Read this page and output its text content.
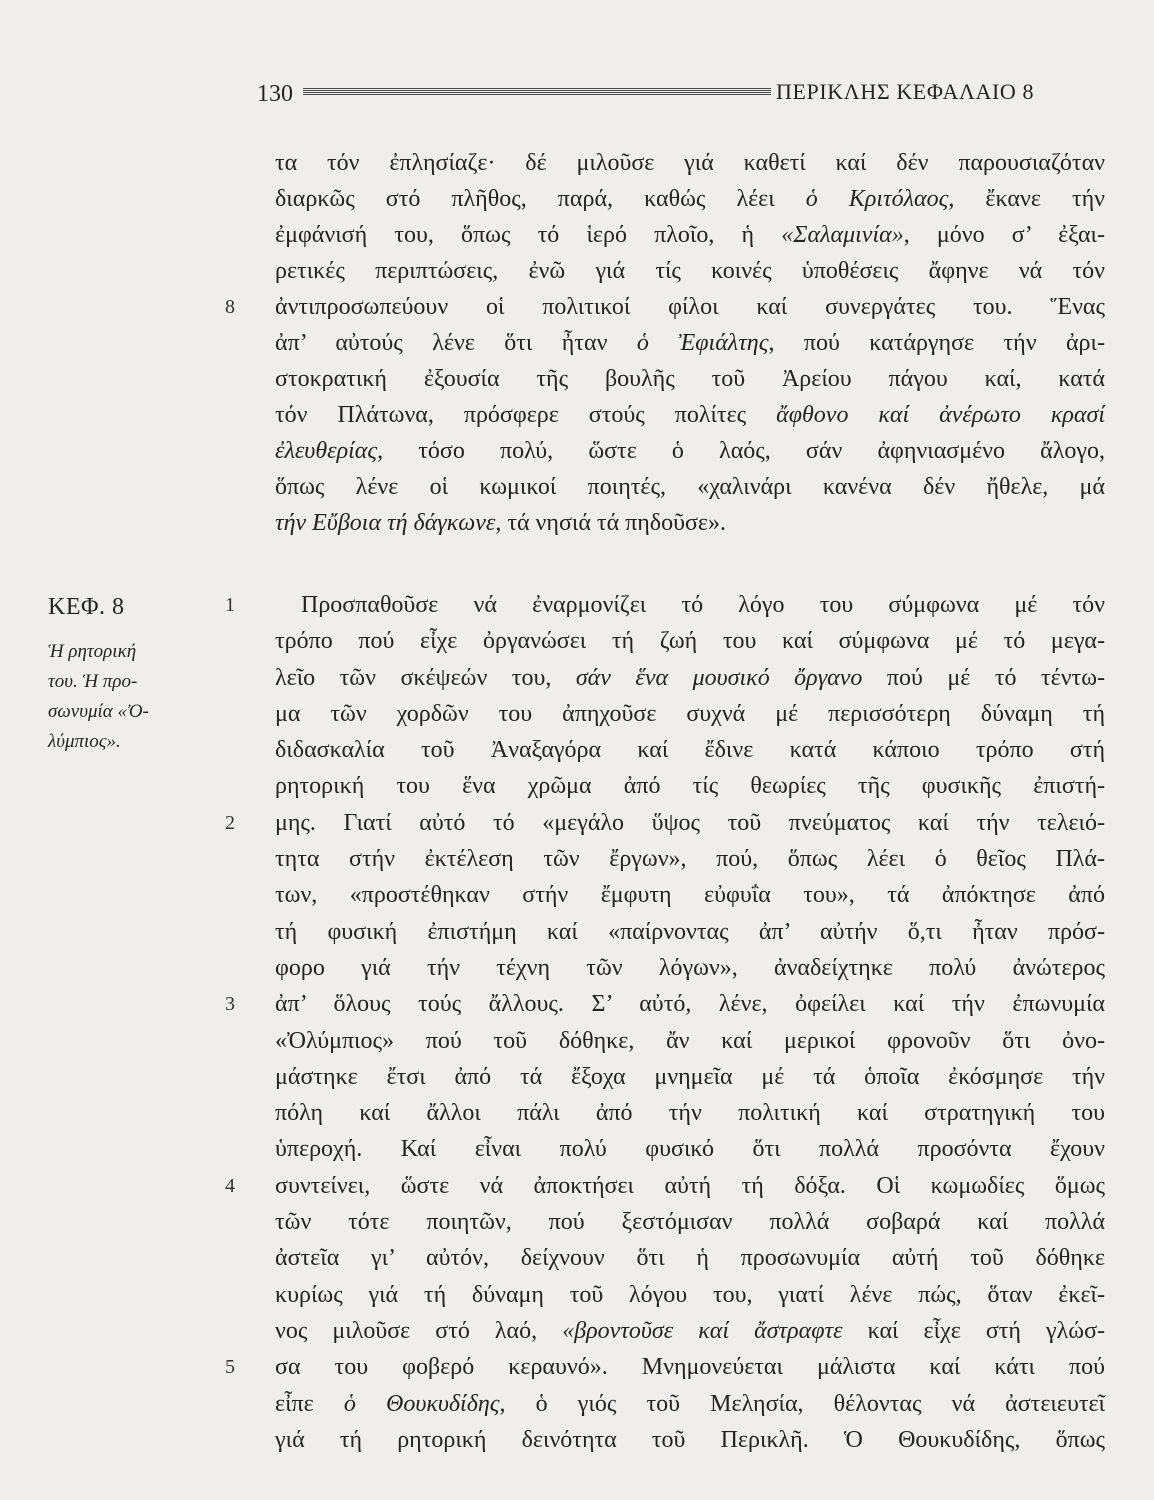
130	ΠΕΡΙΚΛΗΣ ΚΕΦΑΛΑΙΟ 8
ΚΕΦ. 8
Ἡ ρητορική
του. Ἡ προ-
σωνυμία «Ὀ-
λύμπιος».
τα τόν ἐπλησίαζε· δέ μιλοῦσε γιά καθετί καί δέν παρουσιαζόταν
διαρκῶς στό πλῆθος, παρά, καθώς λέει ὁ Κριτόλαος, ἔκανε τήν
ἐμφάνισή του, ὅπως τό ἱερό πλοῖο, ἡ «Σαλαμινία», μόνο σ’ ἐξαι-
ρετικές περιπτώσεις, ἐνῶ γιά τίς κοινές ὑποθέσεις ἄφηνε νά τόν
8 ἀντιπροσωπεύουν οἱ πολιτικοί φίλοι καί συνεργάτες του. Ἕνας
ἀπ’ αὐτούς λένε ὅτι ἦταν ὁ Ἐφιάλτης, πού κατάργησε τήν ἀρι-
στοκρατική ἐξουσία τῆς βουλῆς τοῦ Ἀρείου πάγου καί, κατά
τόν Πλάτωνα, πρόσφερε στούς πολίτες ἄφθονο καί ἀνέρωτο κρασί
ἐλευθερίας, τόσο πολύ, ὥστε ὁ λαός, σάν ἀφηνιασμένο ἄλογο,
ὅπως λένε οἱ κωμικοί ποιητές, «χαλινάρι κανένα δέν ἤθελε, μά
τήν Εὔβοια τή δάγκωνε, τά νησιά τά πηδοῦσε».
1	Προσπαθοῦσε νά ἐναρμονίζει τό λόγο του σύμφωνα μέ τόν
τρόπο πού εἶχε ὀργανώσει τή ζωή του καί σύμφωνα μέ τό μεγα-
λεῖο τῶν σκέψεών του, σάν ἕνα μουσικό ὄργανο πού μέ τό τέντω-
μα τῶν χορδῶν του ἀπηχοῦσε συχνά μέ περισσότερη δύναμη τή
διδασκαλία τοῦ Ἀναξαγόρα καί ἔδινε κατά κάποιο τρόπο στή
ρητορική του ἕνα χρῶμα ἀπό τίς θεωρίες τῆς φυσικῆς ἐπιστή-
2 μης. Γιατί αὐτό τό «μεγάλο ὕψος τοῦ πνεύματος καί τήν τελειό-
τητα στήν ἐκτέλεση τῶν ἔργων», πού, ὅπως λέει ὁ θεῖος Πλά-
των, «προστέθηκαν στήν ἔμφυτη εὐφυΐα του», τά ἀπόκτησε ἀπό
τή φυσική ἐπιστήμη καί «παίρνοντας ἀπ’ αὐτήν ὅ,τι ἦταν πρόσ-
φορο γιά τήν τέχνη τῶν λόγων», ἀναδείχτηκε πολύ ἀνώτερος
3 ἀπ’ ὅλους τούς ἄλλους. Σ’ αὐτό, λένε, ὀφείλει καί τήν ἐπωνυμία
«Ὀλύμπιος» πού τοῦ δόθηκε, ἄν καί μερικοί φρονοῦν ὅτι ὀνο-
μάστηκε ἔτσι ἀπό τά ἔξοχα μνημεῖα μέ τά ὁποῖα ἐκόσμησε τήν
πόλη καί ἄλλοι πάλι ἀπό τήν πολιτική καί στρατηγική του
ὑπεροχή. Καί εἶναι πολύ φυσικό ὅτι πολλά προσόντα ἔχουν
4 συντείνει, ὥστε νά ἀποκτήσει αὐτή τή δόξα. Οἱ κωμωδίες ὅμως
τῶν τότε ποιητῶν, πού ξεστόμισαν πολλά σοβαρά καί πολλά
ἀστεῖα γι’ αὐτόν, δείχνουν ὅτι ἡ προσωνυμία αὐτή τοῦ δόθηκε
κυρίως γιά τή δύναμη τοῦ λόγου του, γιατί λένε πώς, ὅταν ἐκεῖ-
νος μιλοῦσε στό λαό, «βροντοῦσε καί ἄστραφτε καί εἶχε στή γλώσ-
5 σα του φοβερό κεραυνό». Μνημονεύεται μάλιστα καί κάτι πού
εἶπε ὁ Θουκυδίδης, ὁ γιός τοῦ Μελησία, θέλοντας νά ἀστειευτεῖ
γιά τή ρητορική δεινότητα τοῦ Περικλῆ. Ὁ Θουκυδίδης, ὅπως
